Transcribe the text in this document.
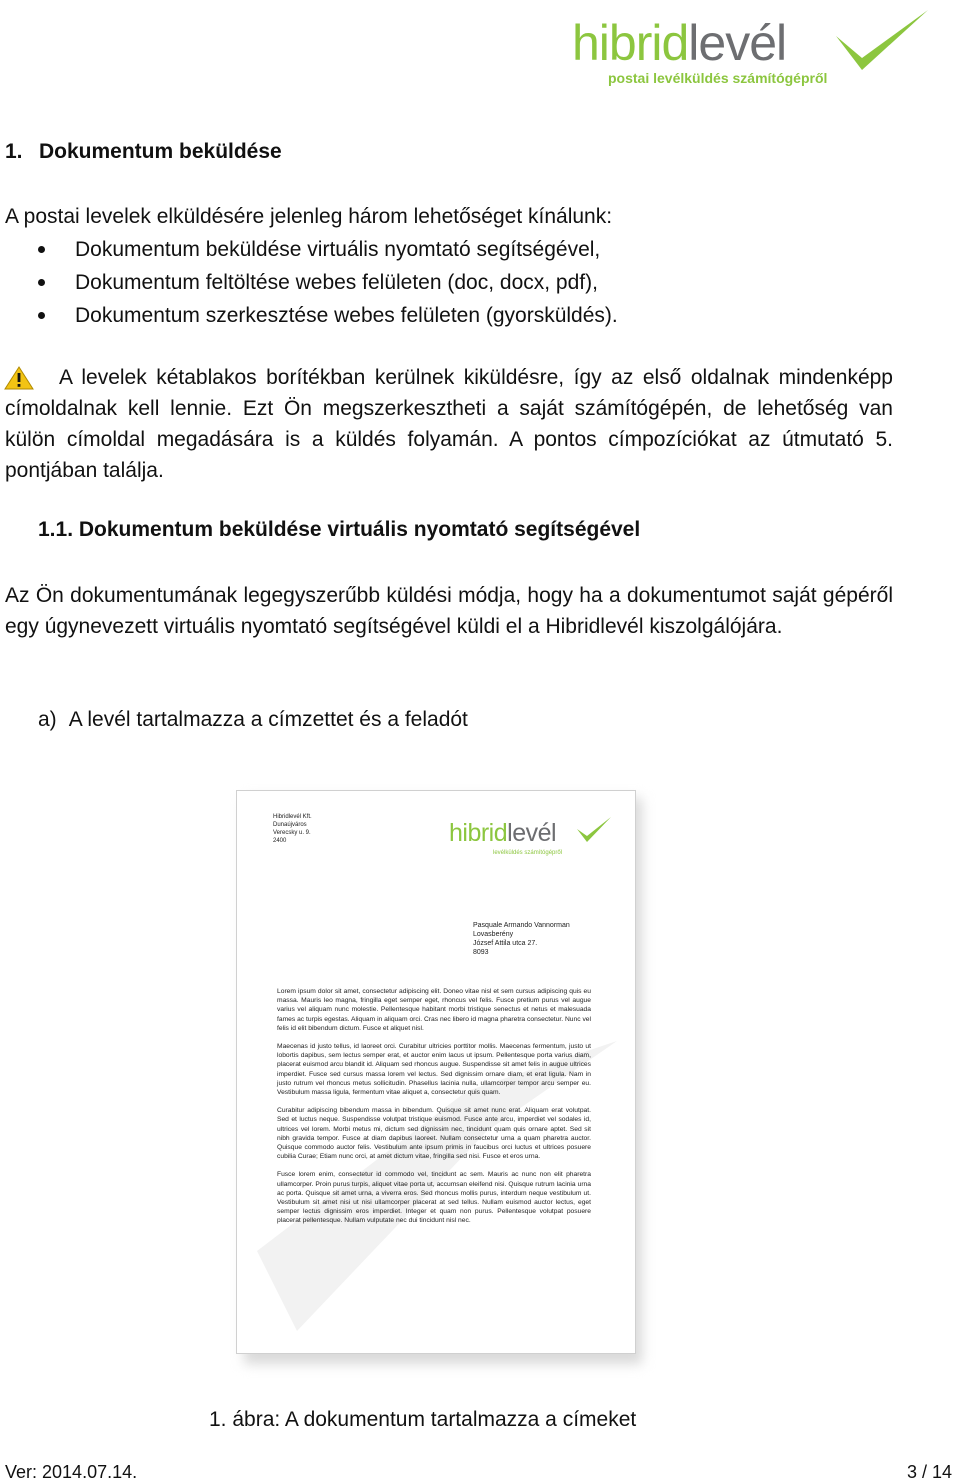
hibridlevél
postai levélküldés számítógépről
1. Dokumentum beküldése
A postai levelek elküldésére jelenleg három lehetőséget kínálunk:
Dokumentum beküldése virtuális nyomtató segítségével,
Dokumentum feltöltése webes felületen (doc, docx, pdf),
Dokumentum szerkesztése webes felületen (gyorsküldés).

A levelek kétablakos borítékban kerülnek kiküldésre, így az első oldalnak mindenképp címoldalnak kell lennie. Ezt Ön megszerkesztheti a saját számítógépén, de lehetőség van külön címoldal megadására is a küldés folyamán. A pontos címpozíciókat az útmutató 5. pontjában találja.

1.1. Dokumentum beküldése virtuális nyomtató segítségével

Az Ön dokumentumának legegyszerűbb küldési módja, hogy ha a dokumentumot saját gépéről egy úgynevezett virtuális nyomtató segítségével küldi el a Hibridlevél kiszolgálójára.

a) A levél tartalmazza a címzettet és a feladót
Hibridlevél Kft.
Dunaújváros
Verecsky u. 9.
2400	hibridlevél
levélküldés számítógépről
Pasquale Armando Vannorman
Lovasberény
József Attila utca 27.
8093

Lorem ipsum dolor sit amet, consectetur adipiscing elit. Doneo vitae nisl et sem cursus adipiscing quis eu massa. Mauris leo magna, fringilla eget semper eget, rhoncus vel felis. Fusce pretium purus vel augue varius vel aliquam nunc molestie. Pellentesque habitant morbi tristique senectus et netus et malesuada fames ac turpis egestas. Aliquam in aliquam orci. Cras nec libero id magna pharetra consectetur. Nunc vel felis id elit bibendum dictum. Fusce et aliquet nisl.

Maecenas id justo tellus, id laoreet orci. Curabitur ultricies porttitor mollis. Maecenas fermentum, justo ut lobortis dapibus, sem lectus semper erat, et auctor enim lacus ut ipsum. Pellentesque porta varius diam, placerat euismod arcu blandit id. Aliquam sed rhoncus augue. Suspendisse sit amet felis in augue ultrices imperdiet. Fusce sed cursus massa lorem vel lectus. Sed dignissim ornare diam, et erat ligula. Nam in justo rutrum vel rhoncus metus sollicitudin. Phasellus lacinia nulla, ullamcorper tempor arcu semper eu. Vestibulum massa ligula, fermentum vitae aliquet a, consectetur quis quam.

Curabitur adipiscing bibendum massa in bibendum. Quisque sit amet nunc erat. Aliquam erat volutpat. Sed et luctus neque. Suspendisse volutpat tristique euismod. Fusce ante arcu, imperdiet vel sodales id, ultrices vel lorem. Morbi metus mi, dictum sed dignissim nec, tincidunt quam quis ornare aptet. Sed sit nibh gravida tempor. Fusce at diam dapibus laoreet. Nullam consectetur urna a quam pharetra auctor. Quisque commodo auctor felis. Vestibulum ante ipsum primis in faucibus orci luctus et ultrices posuere cubilia Curae; Etiam nunc orci, at amet dictum vitae, fringilla sed nisi. Fusce et eros urna.

Fusce lorem enim, consectetur id commodo vel, tincidunt ac sem. Mauris ac nunc non elit pharetra ullamcorper. Proin purus turpis, aliquet vitae porta ut, accumsan eleifend nisi. Quisque rutrum lacinia urna ac porta. Quisque sit amet urna, a viverra eros. Sed rhoncus mollis purus, interdum neque vestibulum ut. Vestibulum sit amet nisi ut nisi ullamcorper placerat at sed tellus. Nullam euismod auctor lectus, eget semper lectus dignissim eros imperdiet. Integer et quam non purus. Pellentesque volutpat posuere placerat pellentesque. Nullam vulputate nec dui tincidunt nisl nec.

1. ábra: A dokumentum tartalmazza a címeket
Ver: 2014.07.14.	3 / 14
